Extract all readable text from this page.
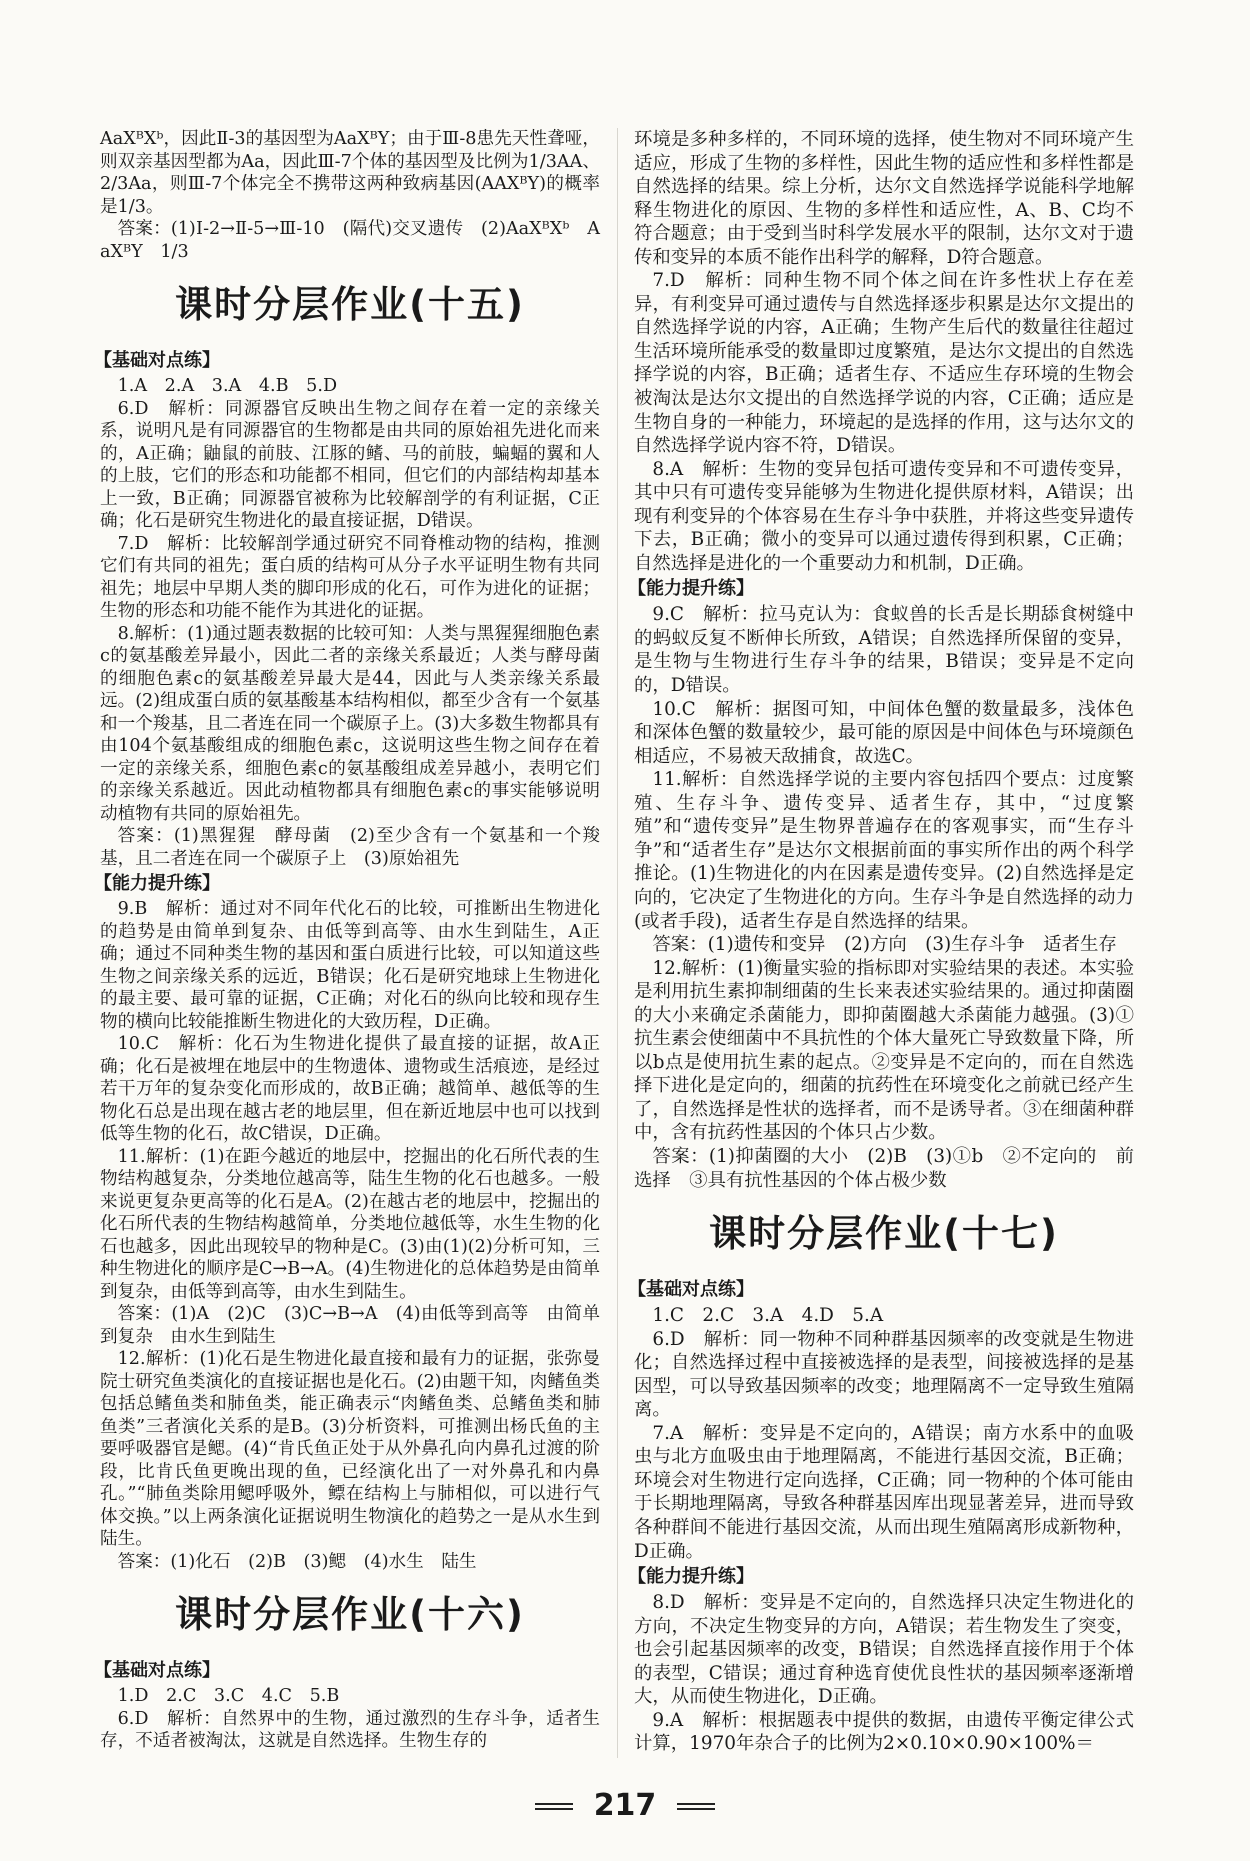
AaXᴮXᵇ，因此Ⅱ-3的基因型为AaXᴮY；由于Ⅲ-8患先天性聋哑，则双亲基因型都为Aa，因此Ⅲ-7个体的基因型及比例为1/3AA、2/3Aa，则Ⅲ-7个体完全不携带这两种致病基因(AAXᴮY)的概率是1/3。

答案：(1)Ⅰ-2→Ⅱ-5→Ⅲ-10　(隔代)交叉遗传　(2)AaXᴮXᵇ　AaXᴮY　1/3

课时分层作业(十五)
【基础对点练】

1.A　2.A　3.A　4.B　5.D

6.D　解析：同源器官反映出生物之间存在着一定的亲缘关系，说明凡是有同源器官的生物都是由共同的原始祖先进化而来的，A正确；鼬鼠的前肢、江豚的鳍、马的前肢，蝙蝠的翼和人的上肢，它们的形态和功能都不相同，但它们的内部结构却基本上一致，B正确；同源器官被称为比较解剖学的有利证据，C正确；化石是研究生物进化的最直接证据，D错误。

7.D　解析：比较解剖学通过研究不同脊椎动物的结构，推测它们有共同的祖先；蛋白质的结构可从分子水平证明生物有共同祖先；地层中早期人类的脚印形成的化石，可作为进化的证据；生物的形态和功能不能作为其进化的证据。

8.解析：(1)通过题表数据的比较可知：人类与黑猩猩细胞色素c的氨基酸差异最小，因此二者的亲缘关系最近；人类与酵母菌的细胞色素c的氨基酸差异最大是44，因此与人类亲缘关系最远。(2)组成蛋白质的氨基酸基本结构相似，都至少含有一个氨基和一个羧基，且二者连在同一个碳原子上。(3)大多数生物都具有由104个氨基酸组成的细胞色素c，这说明这些生物之间存在着一定的亲缘关系，细胞色素c的氨基酸组成差异越小，表明它们的亲缘关系越近。因此动植物都具有细胞色素c的事实能够说明动植物有共同的原始祖先。

答案：(1)黑猩猩　酵母菌　(2)至少含有一个氨基和一个羧基，且二者连在同一个碳原子上　(3)原始祖先

【能力提升练】

9.B　解析：通过对不同年代化石的比较，可推断出生物进化的趋势是由简单到复杂、由低等到高等、由水生到陆生，A正确；通过不同种类生物的基因和蛋白质进行比较，可以知道这些生物之间亲缘关系的远近，B错误；化石是研究地球上生物进化的最主要、最可靠的证据，C正确；对化石的纵向比较和现存生物的横向比较能推断生物进化的大致历程，D正确。

10.C　解析：化石为生物进化提供了最直接的证据，故A正确；化石是被埋在地层中的生物遗体、遗物或生活痕迹，是经过若干万年的复杂变化而形成的，故B正确；越简单、越低等的生物化石总是出现在越古老的地层里，但在新近地层中也可以找到低等生物的化石，故C错误，D正确。

11.解析：(1)在距今越近的地层中，挖掘出的化石所代表的生物结构越复杂，分类地位越高等，陆生生物的化石也越多。一般来说更复杂更高等的化石是A。(2)在越古老的地层中，挖掘出的化石所代表的生物结构越简单，分类地位越低等，水生生物的化石也越多，因此出现较早的物种是C。(3)由(1)(2)分析可知，三种生物进化的顺序是C→B→A。(4)生物进化的总体趋势是由简单到复杂，由低等到高等，由水生到陆生。

答案：(1)A　(2)C　(3)C→B→A　(4)由低等到高等　由简单到复杂　由水生到陆生

12.解析：(1)化石是生物进化最直接和最有力的证据，张弥曼院士研究鱼类演化的直接证据也是化石。(2)由题干知，肉鳍鱼类包括总鳍鱼类和肺鱼类，能正确表示“肉鳍鱼类、总鳍鱼类和肺鱼类”三者演化关系的是B。(3)分析资料，可推测出杨氏鱼的主要呼吸器官是鳃。(4)“肯氏鱼正处于从外鼻孔向内鼻孔过渡的阶段，比肯氏鱼更晚出现的鱼，已经演化出了一对外鼻孔和内鼻孔。”“肺鱼类除用鳃呼吸外，鳔在结构上与肺相似，可以进行气体交换。”以上两条演化证据说明生物演化的趋势之一是从水生到陆生。

答案：(1)化石　(2)B　(3)鳃　(4)水生　陆生

课时分层作业(十六)
【基础对点练】

1.D　2.C　3.C　4.C　5.B

6.D　解析：自然界中的生物，通过激烈的生存斗争，适者生存，不适者被淘汰，这就是自然选择。生物生存的

环境是多种多样的，不同环境的选择，使生物对不同环境产生适应，形成了生物的多样性，因此生物的适应性和多样性都是自然选择的结果。综上分析，达尔文自然选择学说能科学地解释生物进化的原因、生物的多样性和适应性，A、B、C均不符合题意；由于受到当时科学发展水平的限制，达尔文对于遗传和变异的本质不能作出科学的解释，D符合题意。

7.D　解析：同种生物不同个体之间在许多性状上存在差异，有利变异可通过遗传与自然选择逐步积累是达尔文提出的自然选择学说的内容，A正确；生物产生后代的数量往往超过生活环境所能承受的数量即过度繁殖，是达尔文提出的自然选择学说的内容，B正确；适者生存、不适应生存环境的生物会被淘汰是达尔文提出的自然选择学说的内容，C正确；适应是生物自身的一种能力，环境起的是选择的作用，这与达尔文的自然选择学说内容不符，D错误。

8.A　解析：生物的变异包括可遗传变异和不可遗传变异，其中只有可遗传变异能够为生物进化提供原材料，A错误；出现有利变异的个体容易在生存斗争中获胜，并将这些变异遗传下去，B正确；微小的变异可以通过遗传得到积累，C正确；自然选择是进化的一个重要动力和机制，D正确。

【能力提升练】

9.C　解析：拉马克认为：食蚁兽的长舌是长期舔食树缝中的蚂蚁反复不断伸长所致，A错误；自然选择所保留的变异，是生物与生物进行生存斗争的结果，B错误；变异是不定向的，D错误。

10.C　解析：据图可知，中间体色蟹的数量最多，浅体色和深体色蟹的数量较少，最可能的原因是中间体色与环境颜色相适应，不易被天敌捕食，故选C。

11.解析：自然选择学说的主要内容包括四个要点：过度繁殖、生存斗争、遗传变异、适者生存，其中，“过度繁殖”和“遗传变异”是生物界普遍存在的客观事实，而“生存斗争”和“适者生存”是达尔文根据前面的事实所作出的两个科学推论。(1)生物进化的内在因素是遗传变异。(2)自然选择是定向的，它决定了生物进化的方向。生存斗争是自然选择的动力(或者手段)，适者生存是自然选择的结果。

答案：(1)遗传和变异　(2)方向　(3)生存斗争　适者生存

12.解析：(1)衡量实验的指标即对实验结果的表述。本实验是利用抗生素抑制细菌的生长来表述实验结果的。通过抑菌圈的大小来确定杀菌能力，即抑菌圈越大杀菌能力越强。(3)①抗生素会使细菌中不具抗性的个体大量死亡导致数量下降，所以b点是使用抗生素的起点。②变异是不定向的，而在自然选择下进化是定向的，细菌的抗药性在环境变化之前就已经产生了，自然选择是性状的选择者，而不是诱导者。③在细菌种群中，含有抗药性基因的个体只占少数。

答案：(1)抑菌圈的大小　(2)B　(3)①b　②不定向的　前　选择　③具有抗性基因的个体占极少数

课时分层作业(十七)
【基础对点练】

1.C　2.C　3.A　4.D　5.A

6.D　解析：同一物种不同种群基因频率的改变就是生物进化；自然选择过程中直接被选择的是表型，间接被选择的是基因型，可以导致基因频率的改变；地理隔离不一定导致生殖隔离。

7.A　解析：变异是不定向的，A错误；南方水系中的血吸虫与北方血吸虫由于地理隔离，不能进行基因交流，B正确；环境会对生物进行定向选择，C正确；同一物种的个体可能由于长期地理隔离，导致各种群基因库出现显著差异，进而导致各种群间不能进行基因交流，从而出现生殖隔离形成新物种，D正确。

【能力提升练】

8.D　解析：变异是不定向的，自然选择只决定生物进化的方向，不决定生物变异的方向，A错误；若生物发生了突变，也会引起基因频率的改变，B错误；自然选择直接作用于个体的表型，C错误；通过育种选育使优良性状的基因频率逐渐增大，从而使生物进化，D正确。

9.A　解析：根据题表中提供的数据，由遗传平衡定律公式计算，1970年杂合子的比例为2×0.10×0.90×100%＝

217
